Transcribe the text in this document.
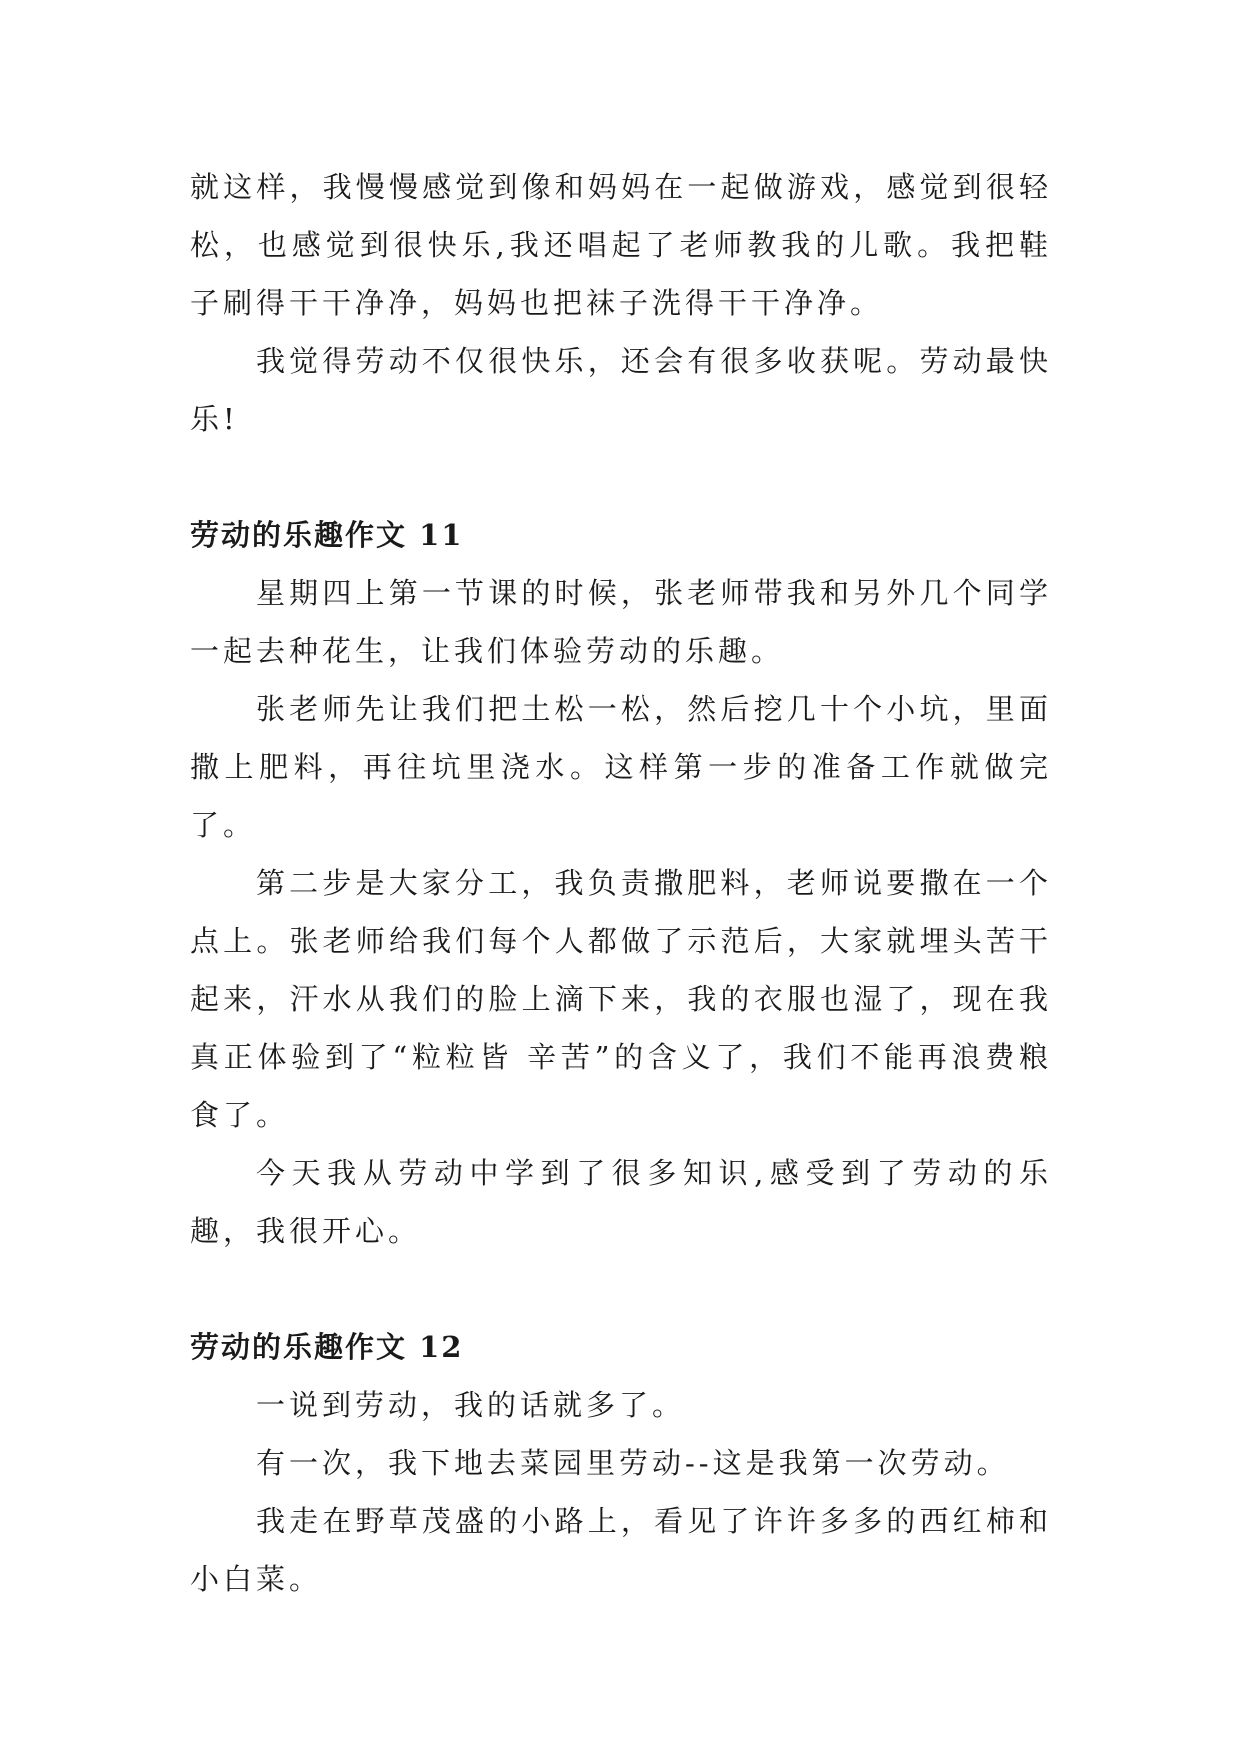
就这样，我慢慢感觉到像和妈妈在一起做游戏，感觉到很轻松，也感觉到很快乐,我还唱起了老师教我的儿歌。我把鞋子刷得干干净净，妈妈也把袜子洗得干干净净。

我觉得劳动不仅很快乐，还会有很多收获呢。劳动最快乐!

劳动的乐趣作文 11

星期四上第一节课的时候，张老师带我和另外几个同学一起去种花生，让我们体验劳动的乐趣。

张老师先让我们把土松一松，然后挖几十个小坑，里面撒上肥料，再往坑里浇水。这样第一步的准备工作就做完了。

第二步是大家分工，我负责撒肥料，老师说要撒在一个点上。张老师给我们每个人都做了示范后，大家就埋头苦干起来，汗水从我们的脸上滴下来，我的衣服也湿了，现在我真正体验到了“粒粒皆 辛苦”的含义了，我们不能再浪费粮食了。

今天我从劳动中学到了很多知识,感受到了劳动的乐趣，我很开心。

劳动的乐趣作文 12

一说到劳动，我的话就多了。

有一次，我下地去菜园里劳动--这是我第一次劳动。

我走在野草茂盛的小路上，看见了许许多多的西红柿和小白菜。
